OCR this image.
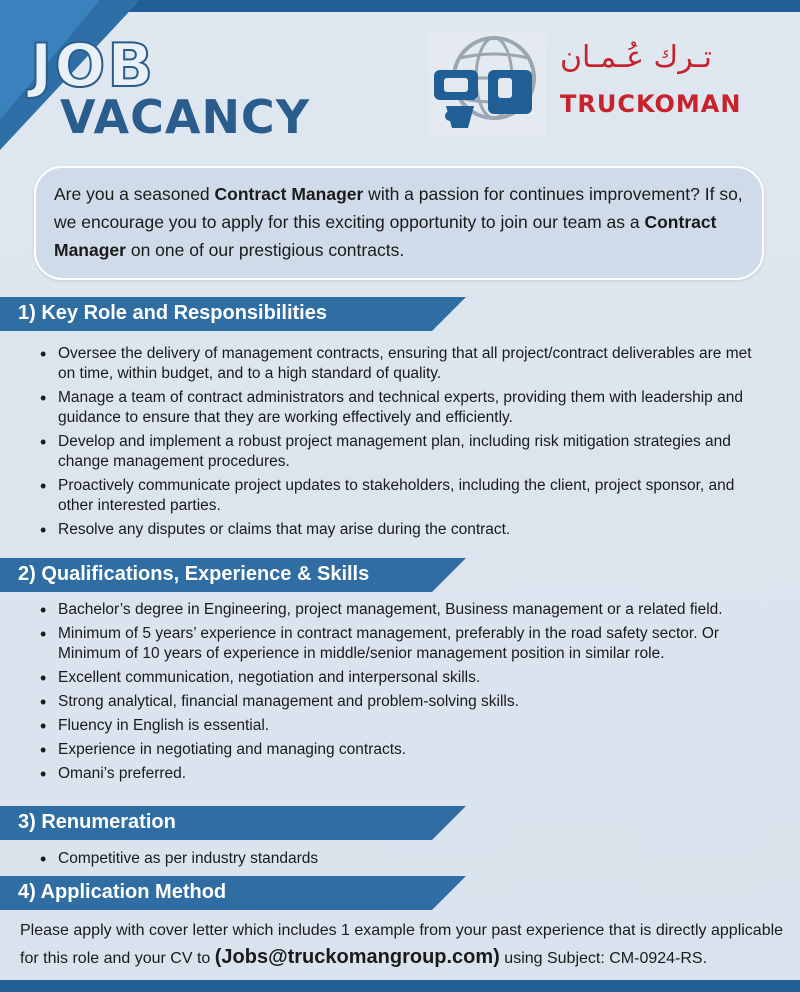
JOB
VACANCY
تـرك عُـمـان
TRUCKOMAN
Are you a seasoned Contract Manager with a passion for continues improvement? If so, we encourage you to apply for this exciting opportunity to join our team as a Contract Manager on one of our prestigious contracts.
1) Key Role and Responsibilities
• Oversee the delivery of management contracts, ensuring that all project/contract deliverables are met on time, within budget, and to a high standard of quality.
• Manage a team of contract administrators and technical experts, providing them with leadership and guidance to ensure that they are working effectively and efficiently.
• Develop and implement a robust project management plan, including risk mitigation strategies and change management procedures.
• Proactively communicate project updates to stakeholders, including the client, project sponsor, and other interested parties.
• Resolve any disputes or claims that may arise during the contract.
2) Qualifications, Experience & Skills
• Bachelor’s degree in Engineering, project management, Business management or a related field.
• Minimum of 5 years’ experience in contract management, preferably in the road safety sector. Or Minimum of 10 years of experience in middle/senior management position in similar role.
• Excellent communication, negotiation and interpersonal skills.
• Strong analytical, financial management and problem-solving skills.
• Fluency in English is essential.
• Experience in negotiating and managing contracts.
• Omani’s preferred.
3) Renumeration
• Competitive as per industry standards
4) Application Method
Please apply with cover letter which includes 1 example from your past experience that is directly applicable for this role and your CV to (Jobs@truckomangroup.com) using Subject: CM-0924-RS.
